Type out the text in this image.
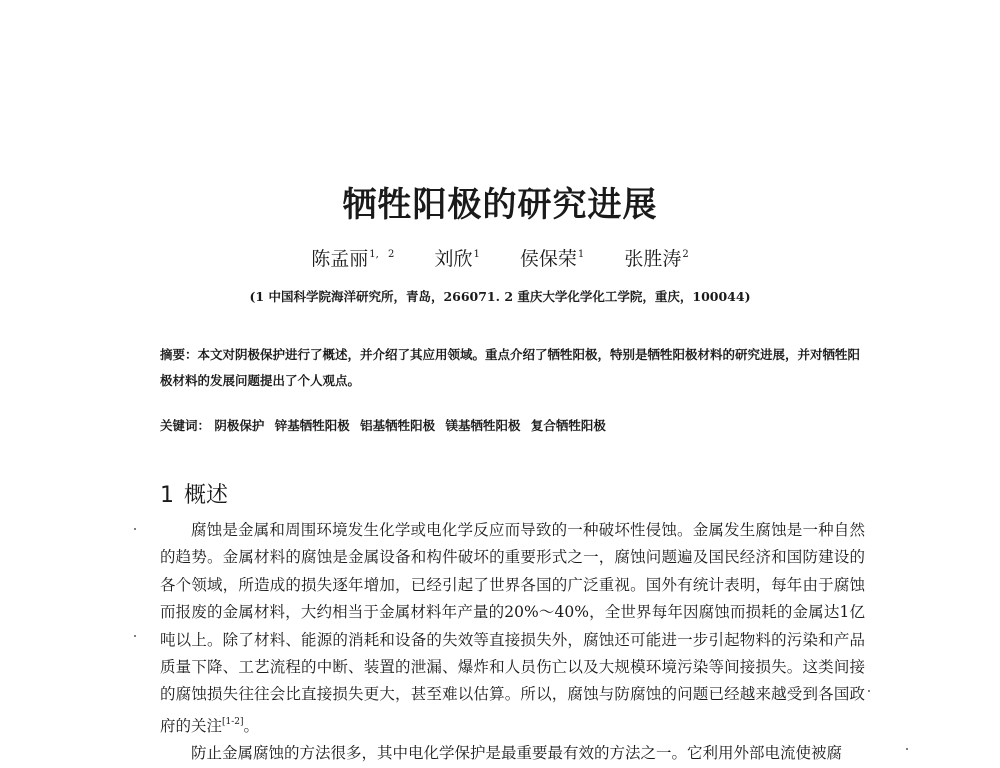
牺牲阳极的研究进展
陈孟丽$^{1, 2}$ 刘欣$^1$ 侯保荣$^1$ 张胜涛$^2$
(1 中国科学院海洋研究所，青岛，266071. 2 重庆大学化学化工学院，重庆，100044)
摘要：本文对阴极保护进行了概述，并介绍了其应用领域。重点介绍了牺牲阳极，特别是牺牲阳极材料的研究进展，并对牺牲阳极材料的发展问题提出了个人观点。
关键词： 阴极保护 锌基牺牲阳极 铝基牺牲阳极 镁基牺牲阳极 复合牺牲阳极
1 概述

腐蚀是金属和周围环境发生化学或电化学反应而导致的一种破坏性侵蚀。金属发生腐蚀是一种自然的趋势。金属材料的腐蚀是金属设备和构件破坏的重要形式之一，腐蚀问题遍及国民经济和国防建设的各个领域，所造成的损失逐年增加，已经引起了世界各国的广泛重视。国外有统计表明，每年由于腐蚀而报废的金属材料，大约相当于金属材料年产量的20%～40%，全世界每年因腐蚀而损耗的金属达1亿吨以上。除了材料、能源的消耗和设备的失效等直接损失外，腐蚀还可能进一步引起物料的污染和产品质量下降、工艺流程的中断、装置的泄漏、爆炸和人员伤亡以及大规模环境污染等间接损失。这类间接的腐蚀损失往往会比直接损失更大，甚至难以估算。所以，腐蚀与防腐蚀的问题已经越来越受到各国政府的关注[1-2]。

防止金属腐蚀的方法很多，其中电化学保护是最重要最有效的方法之一。它利用外部电流使被腐
